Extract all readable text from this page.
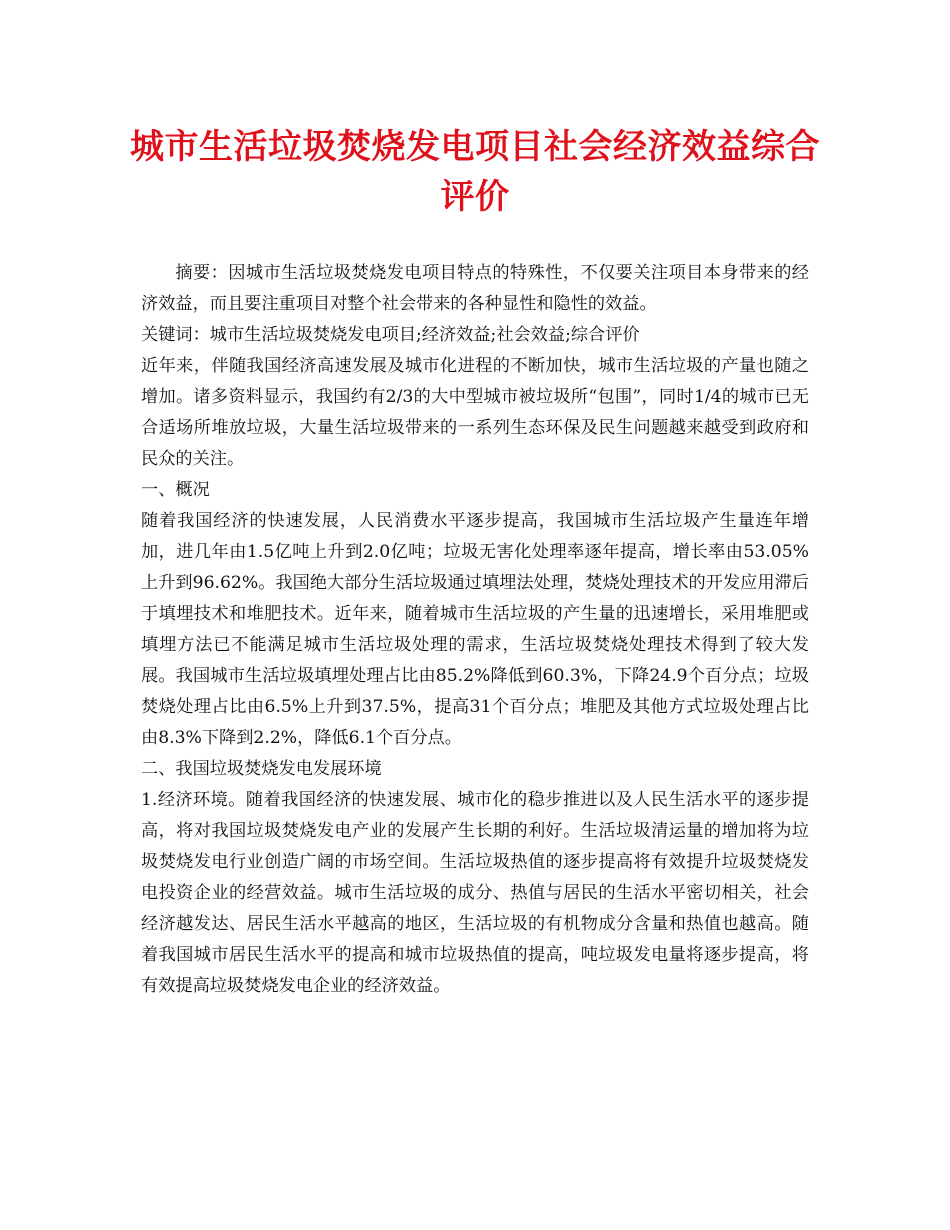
城市生活垃圾焚烧发电项目社会经济效益综合评价

摘要：因城市生活垃圾焚烧发电项目特点的特殊性，不仅要关注项目本身带来的经济效益，而且要注重项目对整个社会带来的各种显性和隐性的效益。

关键词：城市生活垃圾焚烧发电项目;经济效益;社会效益;综合评价

近年来，伴随我国经济高速发展及城市化进程的不断加快，城市生活垃圾的产量也随之增加。诸多资料显示，我国约有2/3的大中型城市被垃圾所“包围”，同时1/4的城市已无合适场所堆放垃圾，大量生活垃圾带来的一系列生态环保及民生问题越来越受到政府和民众的关注。

一、概况

随着我国经济的快速发展，人民消费水平逐步提高，我国城市生活垃圾产生量连年增加，进几年由1.5亿吨上升到2.0亿吨；垃圾无害化处理率逐年提高，增长率由53.05%上升到96.62%。我国绝大部分生活垃圾通过填埋法处理，焚烧处理技术的开发应用滞后于填埋技术和堆肥技术。近年来，随着城市生活垃圾的产生量的迅速增长，采用堆肥或填埋方法已不能满足城市生活垃圾处理的需求，生活垃圾焚烧处理技术得到了较大发展。我国城市生活垃圾填埋处理占比由85.2%降低到60.3%，下降24.9个百分点；垃圾焚烧处理占比由6.5%上升到37.5%，提高31个百分点；堆肥及其他方式垃圾处理占比由8.3%下降到2.2%，降低6.1个百分点。

二、我国垃圾焚烧发电发展环境

1.经济环境。随着我国经济的快速发展、城市化的稳步推进以及人民生活水平的逐步提高，将对我国垃圾焚烧发电产业的发展产生长期的利好。生活垃圾清运量的增加将为垃圾焚烧发电行业创造广阔的市场空间。生活垃圾热值的逐步提高将有效提升垃圾焚烧发电投资企业的经营效益。城市生活垃圾的成分、热值与居民的生活水平密切相关，社会经济越发达、居民生活水平越高的地区，生活垃圾的有机物成分含量和热值也越高。随着我国城市居民生活水平的提高和城市垃圾热值的提高，吨垃圾发电量将逐步提高，将有效提高垃圾焚烧发电企业的经济效益。
